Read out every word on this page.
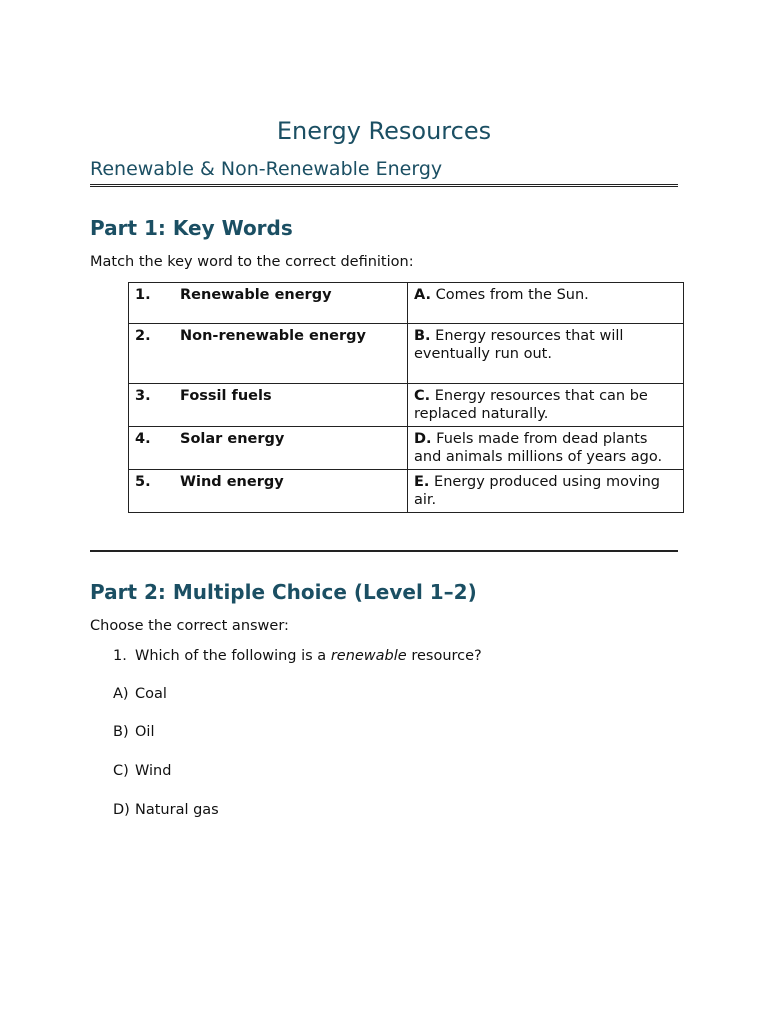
Energy Resources
Renewable & Non-Renewable Energy
Part 1: Key Words
Match the key word to the correct definition:
1. Renewable energy	A. Comes from the Sun.
2. Non-renewable energy	B. Energy resources that will eventually run out.
3. Fossil fuels	C. Energy resources that can be replaced naturally.
4. Solar energy	D. Fuels made from dead plants and animals millions of years ago.
5. Wind energy	E. Energy produced using moving air.
Part 2: Multiple Choice (Level 1–2)
Choose the correct answer:
1. Which of the following is a renewable resource?
A) Coal
B) Oil
C) Wind
D) Natural gas
